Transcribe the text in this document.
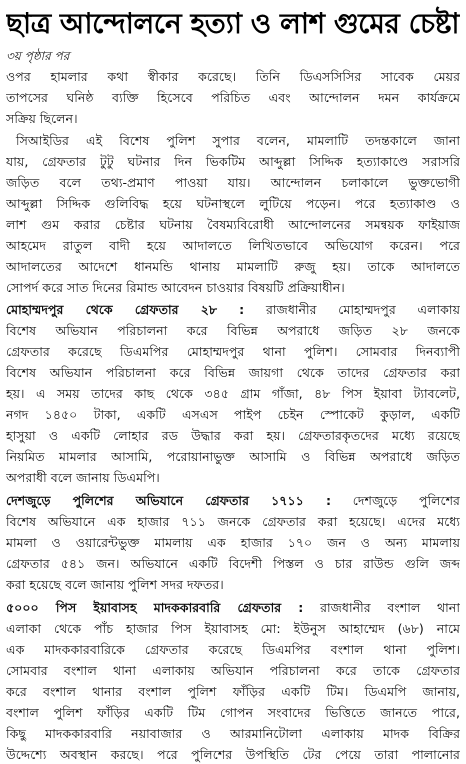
ছাত্র আন্দোলনে হত্যা ও লাশ গুমের চেষ্টা
৩য় পৃষ্ঠার পর
ওপর হামলার কথা স্বীকার করেছে। তিনি ডিএসসিসির সাবেক মেয়র
তাপসের ঘনিষ্ঠ ব্যক্তি হিসেবে পরিচিত এবং আন্দোলন দমন কার্যক্রমে
সক্রিয় ছিলেন।
সিআইডির এই বিশেষ পুলিশ সুপার বলেন, মামলাটি তদন্তকালে জানা
যায়, গ্রেফতার টুটু ঘটনার দিন ভিকটিম আব্দুল্লা সিদ্দিক হত্যাকাণ্ডে সরাসরি
জড়িত বলে তথ্য-প্রমাণ পাওয়া যায়। আন্দোলন চলাকালে ভুক্তভোগী
আব্দুল্লা সিদ্দিক গুলিবিদ্ধ হয়ে ঘটনাস্থলে লুটিয়ে পড়েন। পরে হত্যাকাণ্ড ও
লাশ গুম করার চেষ্টার ঘটনায় বৈষম্যবিরোধী আন্দোলনের সমন্বয়ক ফাইয়াজ
আহমেদ রাতুল বাদী হয়ে আদালতে লিখিতভাবে অভিযোগ করেন। পরে
আদালতের আদেশে ধানমন্ডি থানায় মামলাটি রুজু হয়। তাকে আদালতে
সোপর্দ করে সাত দিনের রিমান্ড আবেদন চাওয়ার বিষয়টি প্রক্রিয়াধীন।
মোহাম্মদপুর থেকে গ্রেফতার ২৮ : রাজধানীর মোহাম্মদপুর এলাকায়
বিশেষ অভিযান পরিচালনা করে বিভিন্ন অপরাধে জড়িত ২৮ জনকে
গ্রেফতার করেছে ডিএমপির মোহাম্মদপুর থানা পুলিশ। সোমবার দিনব্যাপী
বিশেষ অভিযান পরিচালনা করে বিভিন্ন জায়গা থেকে তাদের গ্রেফতার করা
হয়। এ সময় তাদের কাছ থেকে ৩৪৫ গ্রাম গাঁজা, ৪৮ পিস ইয়াবা ট্যাবলেট,
নগদ ১৪৫০ টাকা, একটি এসএস পাইপ চেইন স্পোকেট কুড়াল, একটি
হাসুয়া ও একটি লোহার রড উদ্ধার করা হয়। গ্রেফতারকৃতদের মধ্যে রয়েছে
নিয়মিত মামলার আসামি, পরোয়ানাভুক্ত আসামি ও বিভিন্ন অপরাধে জড়িত
অপরাধী বলে জানায় ডিএমপি।
দেশজুড়ে পুলিশের অভিযানে গ্রেফতার ১৭১১ : দেশজুড়ে পুলিশের
বিশেষ অভিযানে এক হাজার ৭১১ জনকে গ্রেফতার করা হয়েছে। এদের মধ্যে
মামলা ও ওয়ারেন্টভুক্ত মামলায় এক হাজার ১৭০ জন ও অন্য মামলায়
গ্রেফতার ৫৪১ জন। অভিযানে একটি বিদেশী পিস্তল ও চার রাউন্ড গুলি জব্দ
করা হয়েছে বলে জানায় পুলিশ সদর দফতর।
৫০০০ পিস ইয়াবাসহ মাদককারবারি গ্রেফতার : রাজধানীর বংশাল থানা
এলাকা থেকে পাঁচ হাজার পিস ইয়াবাসহ মো: ইউনুস আহাম্মেদ (৬৮) নামে
এক মাদককারবারিকে গ্রেফতার করেছে ডিএমপির বংশাল থানা পুলিশ।
সোমবার বংশাল থানা এলাকায় অভিযান পরিচালনা করে তাকে গ্রেফতার
করে বংশাল থানার বংশাল পুলিশ ফাঁড়ির একটি টিম। ডিএমপি জানায়,
বংশাল পুলিশ ফাঁড়ির একটি টিম গোপন সংবাদের ভিত্তিতে জানতে পারে,
কিছু মাদককারবারি নয়াবাজার ও আরমানিটোলা এলাকায় মাদক বিক্রির
উদ্দেশ্যে অবস্থান করছে। পরে পুলিশের উপস্থিতি টের পেয়ে তারা পালানোর
